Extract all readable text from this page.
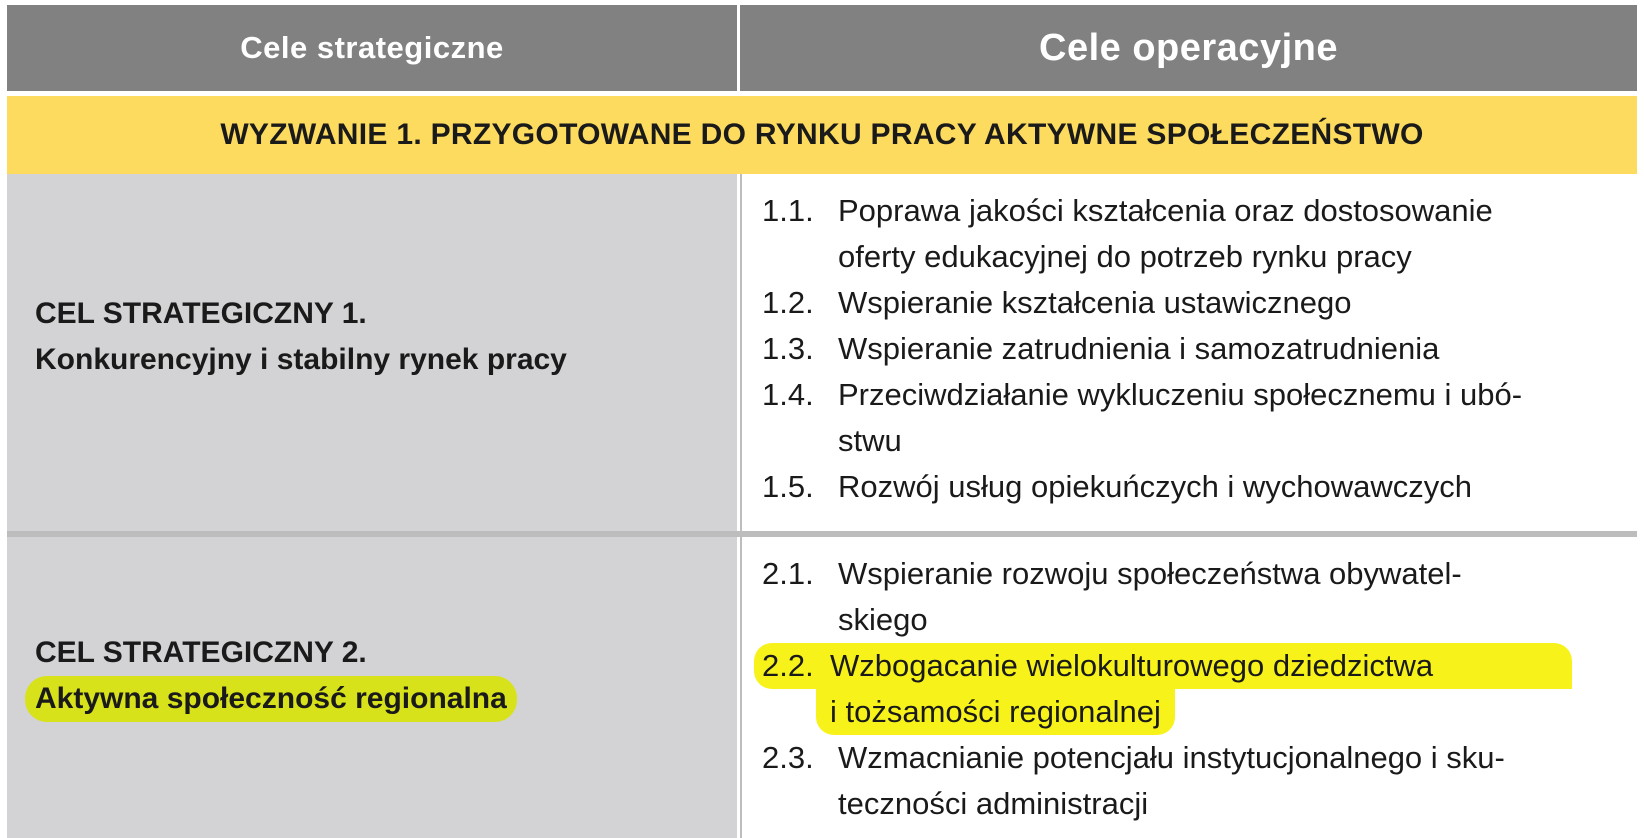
Cele strategiczne	Cele operacyjne
WYZWANIE 1. PRZYGOTOWANE DO RYNKU PRACY AKTYWNE SPOŁECZEŃSTWO
CEL STRATEGICZNY 1.
Konkurencyjny i stabilny rynek pracy
1.1. Poprawa jakości kształcenia oraz dostosowanie
oferty edukacyjnej do potrzeb rynku pracy
1.2. Wspieranie kształcenia ustawicznego
1.3. Wspieranie zatrudnienia i samozatrudnienia
1.4. Przeciwdziałanie wykluczeniu społecznemu i ubó-
stwu
1.5. Rozwój usług opiekuńczych i wychowawczych
CEL STRATEGICZNY 2.
Aktywna społeczność regionalna
2.1. Wspieranie rozwoju społeczeństwa obywatel-
skiego
2.2. Wzbogacanie wielokulturowego dziedzictwa
i tożsamości regionalnej
2.3. Wzmacnianie potencjału instytucjonalnego i sku-
teczności administracji
